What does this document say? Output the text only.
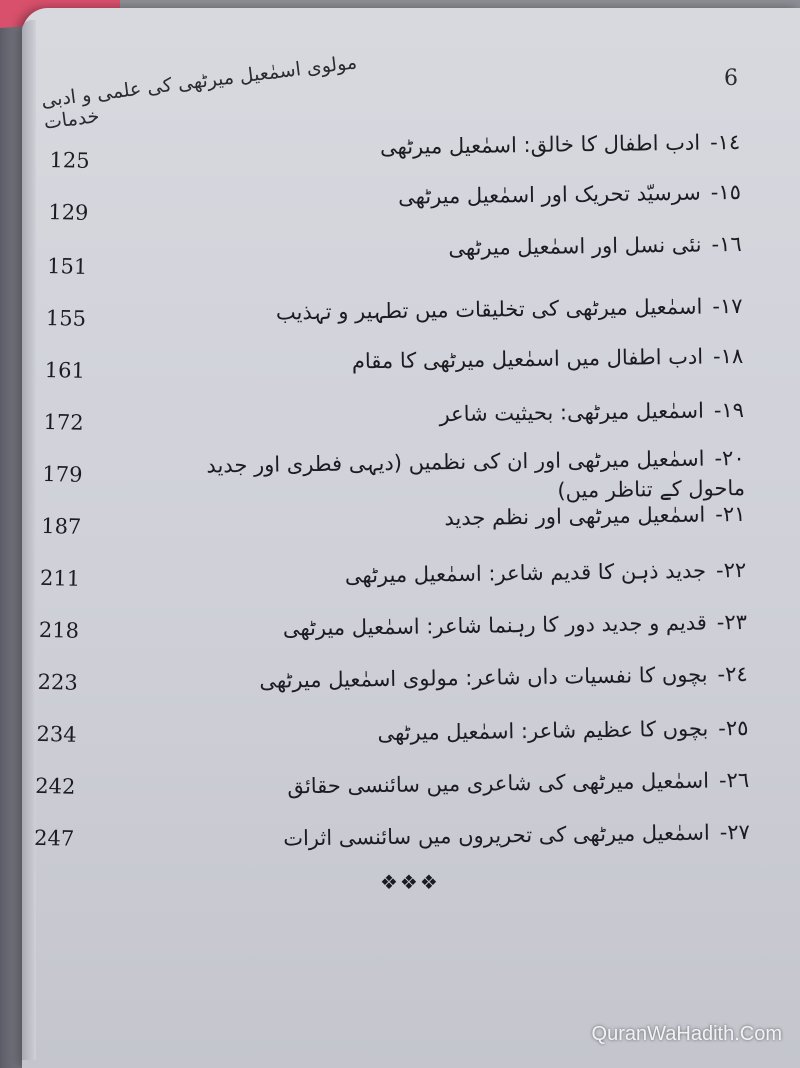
6
مولوی اسمٰعیل میرٹھی کی علمی و ادبی خدمات
125
129
151
155
161
172
179
187
211
218
223
234
242
247
١٤-ادب اطفال کا خالق: اسمٰعیل میرٹھی
١٥-سرسیّد تحریک اور اسمٰعیل میرٹھی
١٦-نئی نسل اور اسمٰعیل میرٹھی
١٧-اسمٰعیل میرٹھی کی تخلیقات میں تطہیر و تہذیب
١٨-ادب اطفال میں اسمٰعیل میرٹھی کا مقام
١٩-اسمٰعیل میرٹھی: بحیثیت شاعر
٢٠-اسمٰعیل میرٹھی اور ان کی نظمیں (دیہی فطری اور جدید ماحول کے تناظر میں)
٢١-اسمٰعیل میرٹھی اور نظم جدید
٢٢-جدید ذہن کا قدیم شاعر: اسمٰعیل میرٹھی
٢٣-قدیم و جدید دور کا رہنما شاعر: اسمٰعیل میرٹھی
٢٤-بچوں کا نفسیات داں شاعر: مولوی اسمٰعیل میرٹھی
٢٥-بچوں کا عظیم شاعر: اسمٰعیل میرٹھی
٢٦-اسمٰعیل میرٹھی کی شاعری میں سائنسی حقائق
٢٧-اسمٰعیل میرٹھی کی تحریروں میں سائنسی اثرات
❖❖❖
QuranWaHadith.Com
